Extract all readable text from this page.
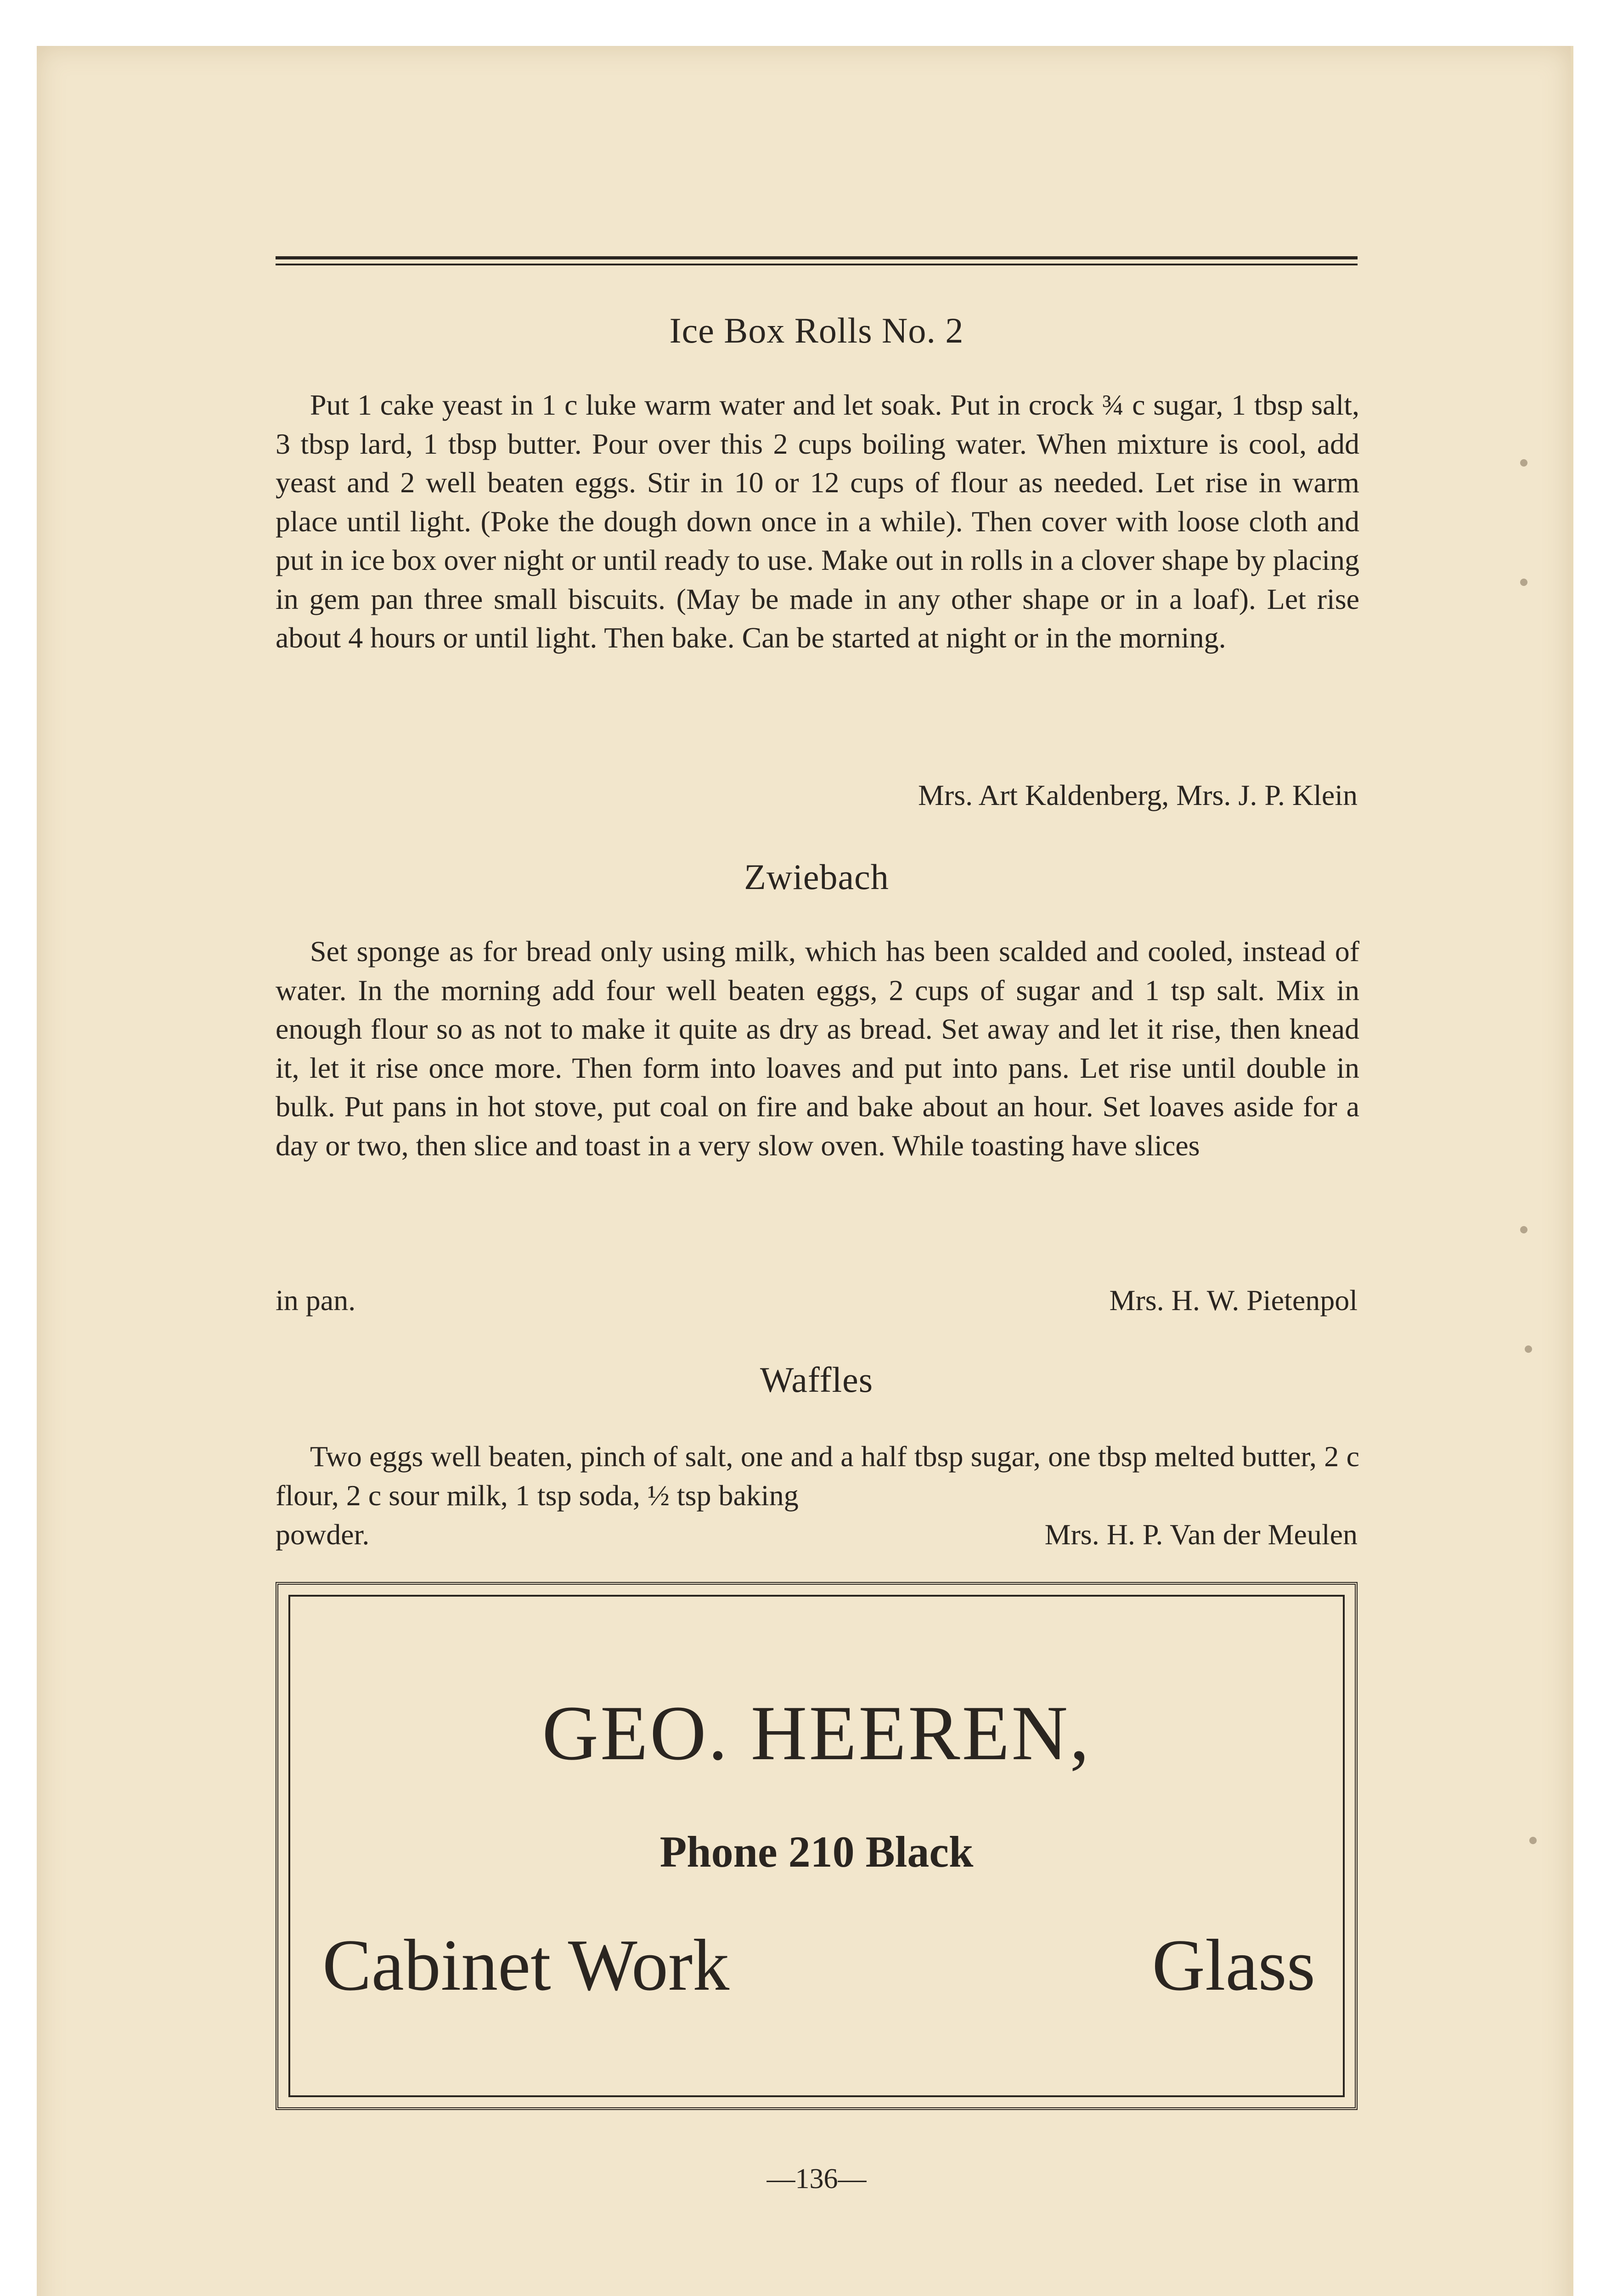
Ice Box Rolls No. 2

Put 1 cake yeast in 1 c luke warm water and let soak. Put in crock ¾ c sugar, 1 tbsp salt, 3 tbsp lard, 1 tbsp butter. Pour over this 2 cups boiling water. When mixture is cool, add yeast and 2 well beaten eggs. Stir in 10 or 12 cups of flour as needed. Let rise in warm place until light. (Poke the dough down once in a while). Then cover with loose cloth and put in ice box over night or until ready to use. Make out in rolls in a clover shape by placing in gem pan three small biscuits. (May be made in any other shape or in a loaf). Let rise about 4 hours or until light. Then bake. Can be started at night or in the morning.

Mrs. Art Kaldenberg, Mrs. J. P. Klein
Zwiebach

Set sponge as for bread only using milk, which has been scalded and cooled, instead of water. In the morning add four well beaten eggs, 2 cups of sugar and 1 tsp salt. Mix in enough flour so as not to make it quite as dry as bread. Set away and let it rise, then knead it, let it rise once more. Then form into loaves and put into pans. Let rise until double in bulk. Put pans in hot stove, put coal on fire and bake about an hour. Set loaves aside for a day or two, then slice and toast in a very slow oven. While toasting have slices

in pan.	Mrs. H. W. Pietenpol
Waffles

Two eggs well beaten, pinch of salt, one and a half tbsp sugar, one tbsp melted butter, 2 c flour, 2 c sour milk, 1 tsp soda, ½ tsp baking

powder.	Mrs. H. P. Van der Meulen
GEO. HEEREN,
Phone 210 Black
Cabinet Work	Glass
—136—
